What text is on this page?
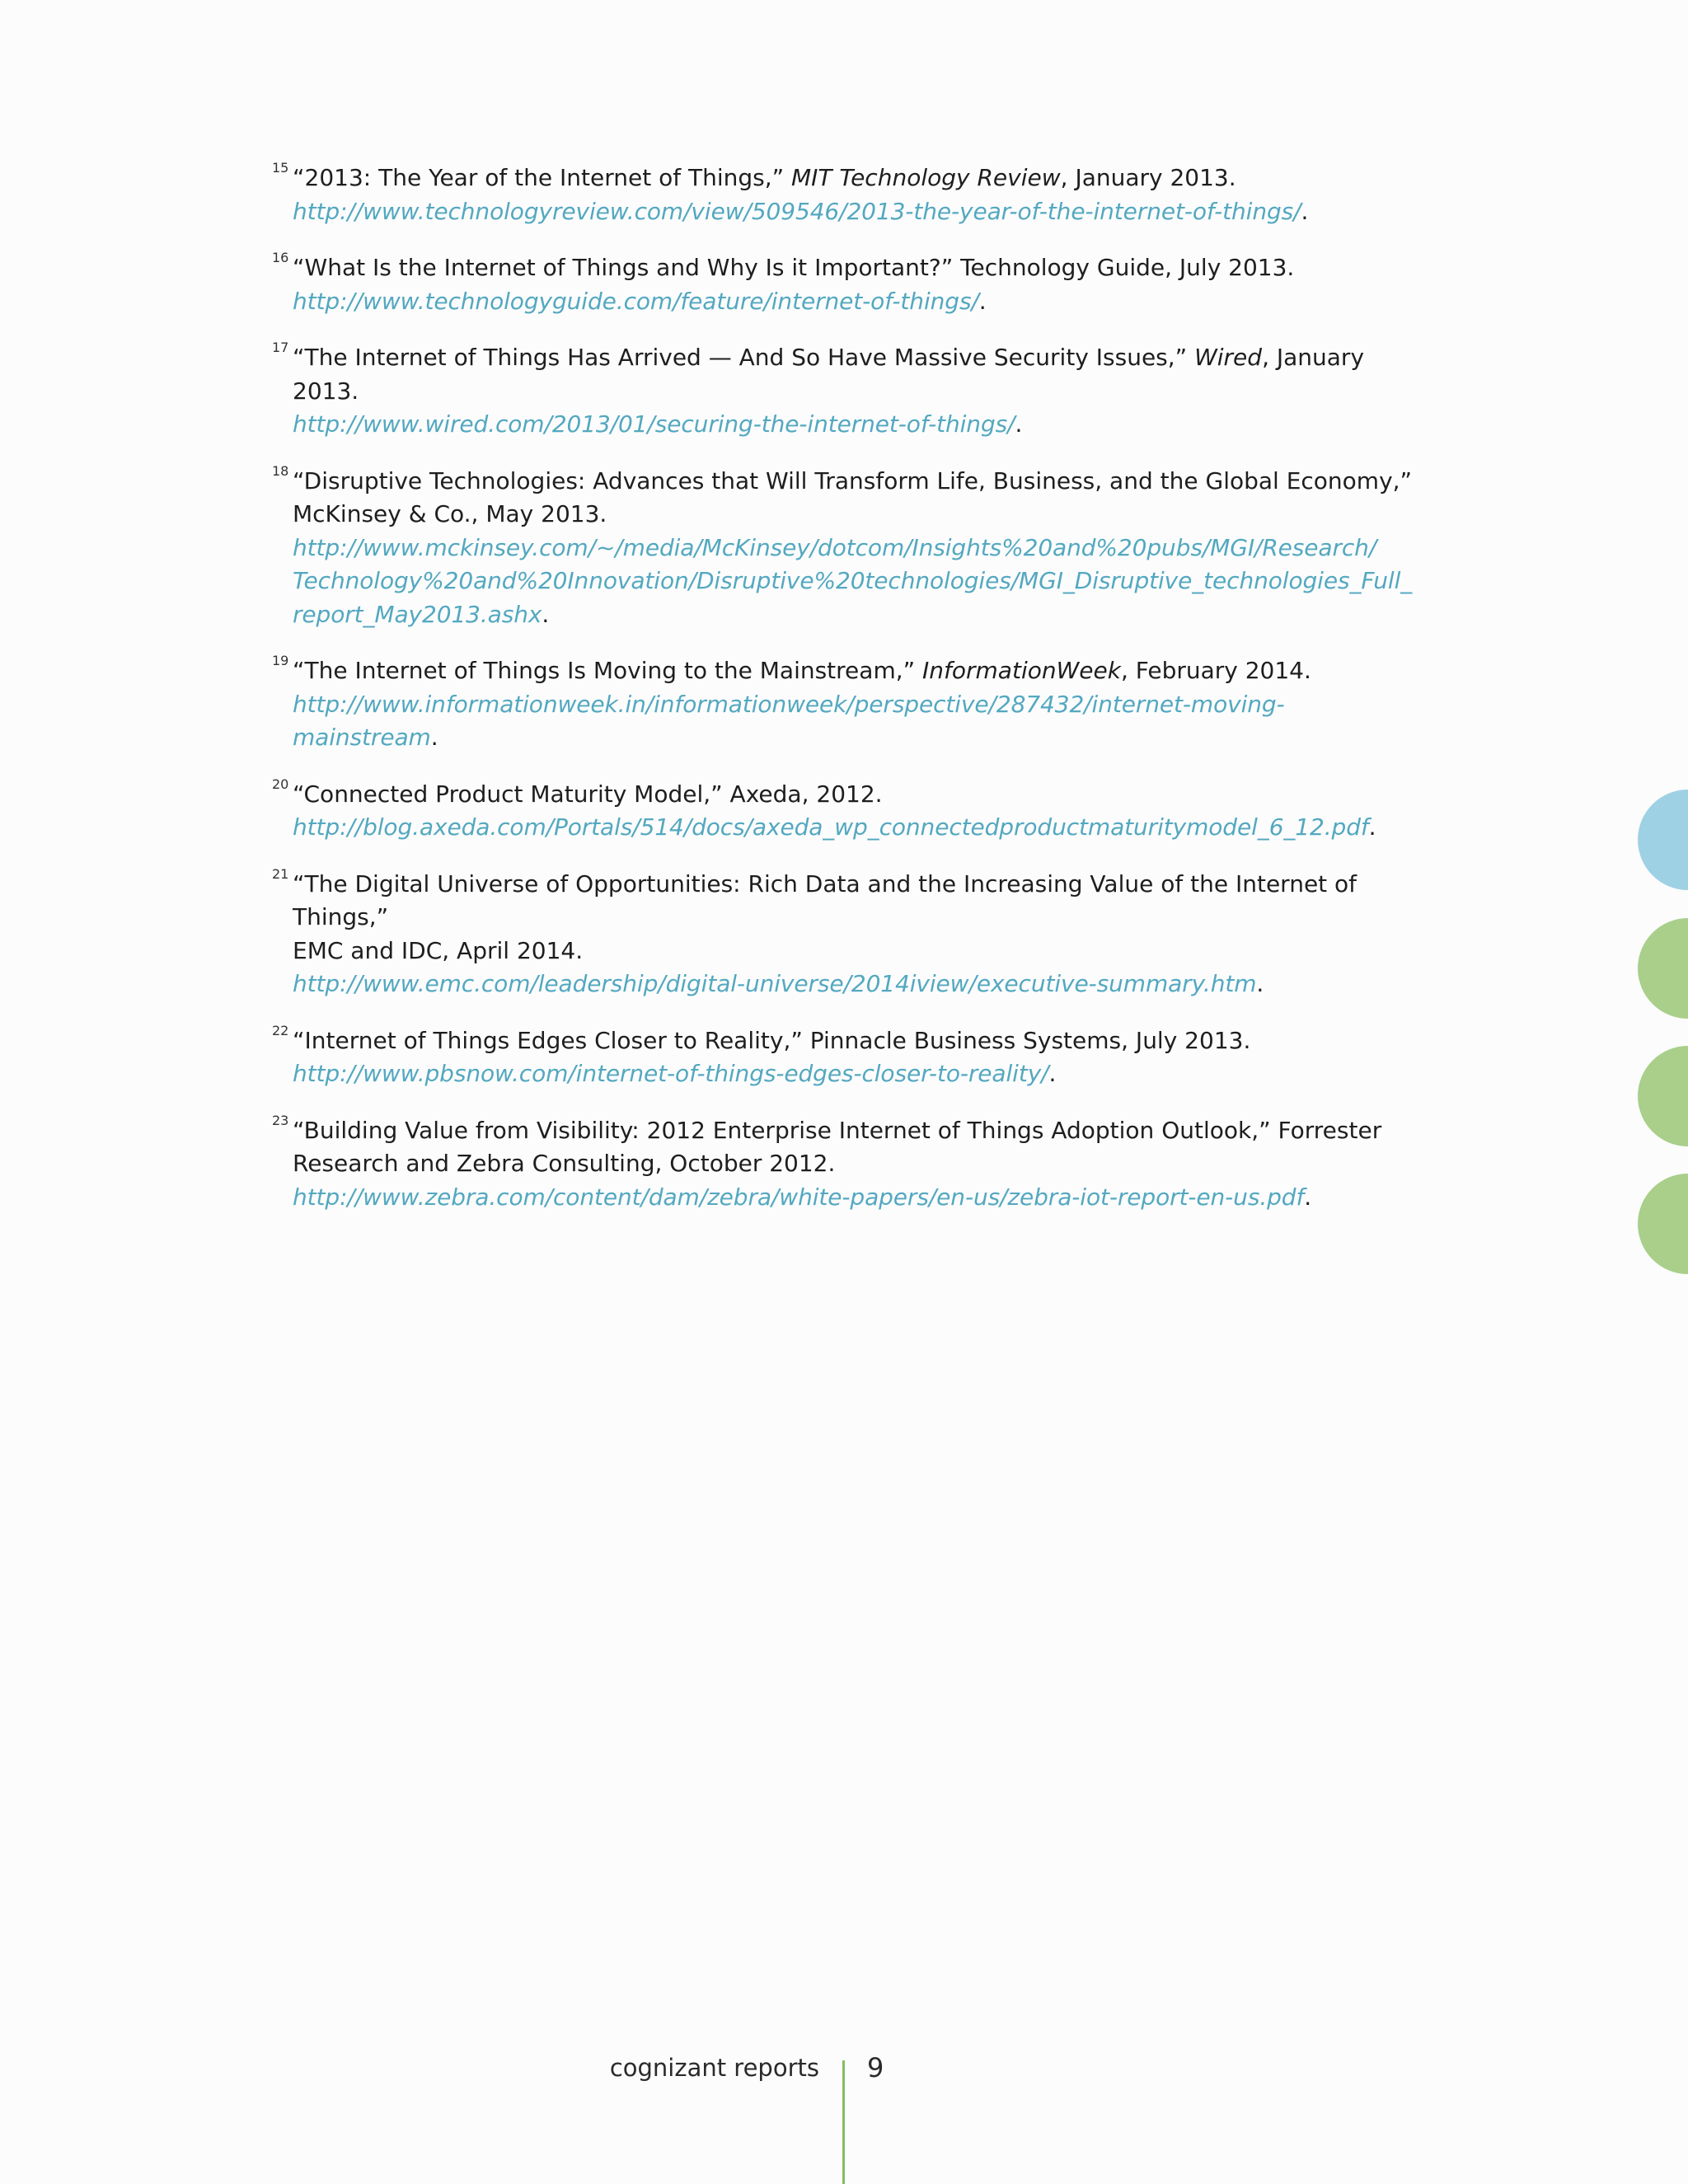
15 “2013: The Year of the Internet of Things,” MIT Technology Review, January 2013.
http://www.technologyreview.com/view/509546/2013-the-year-of-the-internet-of-things/.
16 “What Is the Internet of Things and Why Is it Important?” Technology Guide, July 2013.
http://www.technologyguide.com/feature/internet-of-things/.
17 “The Internet of Things Has Arrived — And So Have Massive Security Issues,” Wired, January 2013.
http://www.wired.com/2013/01/securing-the-internet-of-things/.
18 “Disruptive Technologies: Advances that Will Transform Life, Business, and the Global Economy,”
McKinsey & Co., May 2013.
http://www.mckinsey.com/~/media/McKinsey/dotcom/Insights%20and%20pubs/MGI/Research/
Technology%20and%20Innovation/Disruptive%20technologies/MGI_Disruptive_technologies_Full_
report_May2013.ashx.
19 “The Internet of Things Is Moving to the Mainstream,” InformationWeek, February 2014.
http://www.informationweek.in/informationweek/perspective/287432/internet-moving-mainstream.
20 “Connected Product Maturity Model,” Axeda, 2012.
http://blog.axeda.com/Portals/514/docs/axeda_wp_connectedproductmaturitymodel_6_12.pdf.
21 “The Digital Universe of Opportunities: Rich Data and the Increasing Value of the Internet of Things,”
EMC and IDC, April 2014.
http://www.emc.com/leadership/digital-universe/2014iview/executive-summary.htm.
22 “Internet of Things Edges Closer to Reality,” Pinnacle Business Systems, July 2013.
http://www.pbsnow.com/internet-of-things-edges-closer-to-reality/.
23 “Building Value from Visibility: 2012 Enterprise Internet of Things Adoption Outlook,” Forrester
Research and Zebra Consulting, October 2012.
http://www.zebra.com/content/dam/zebra/white-papers/en-us/zebra-iot-report-en-us.pdf.
cognizant reports 9
